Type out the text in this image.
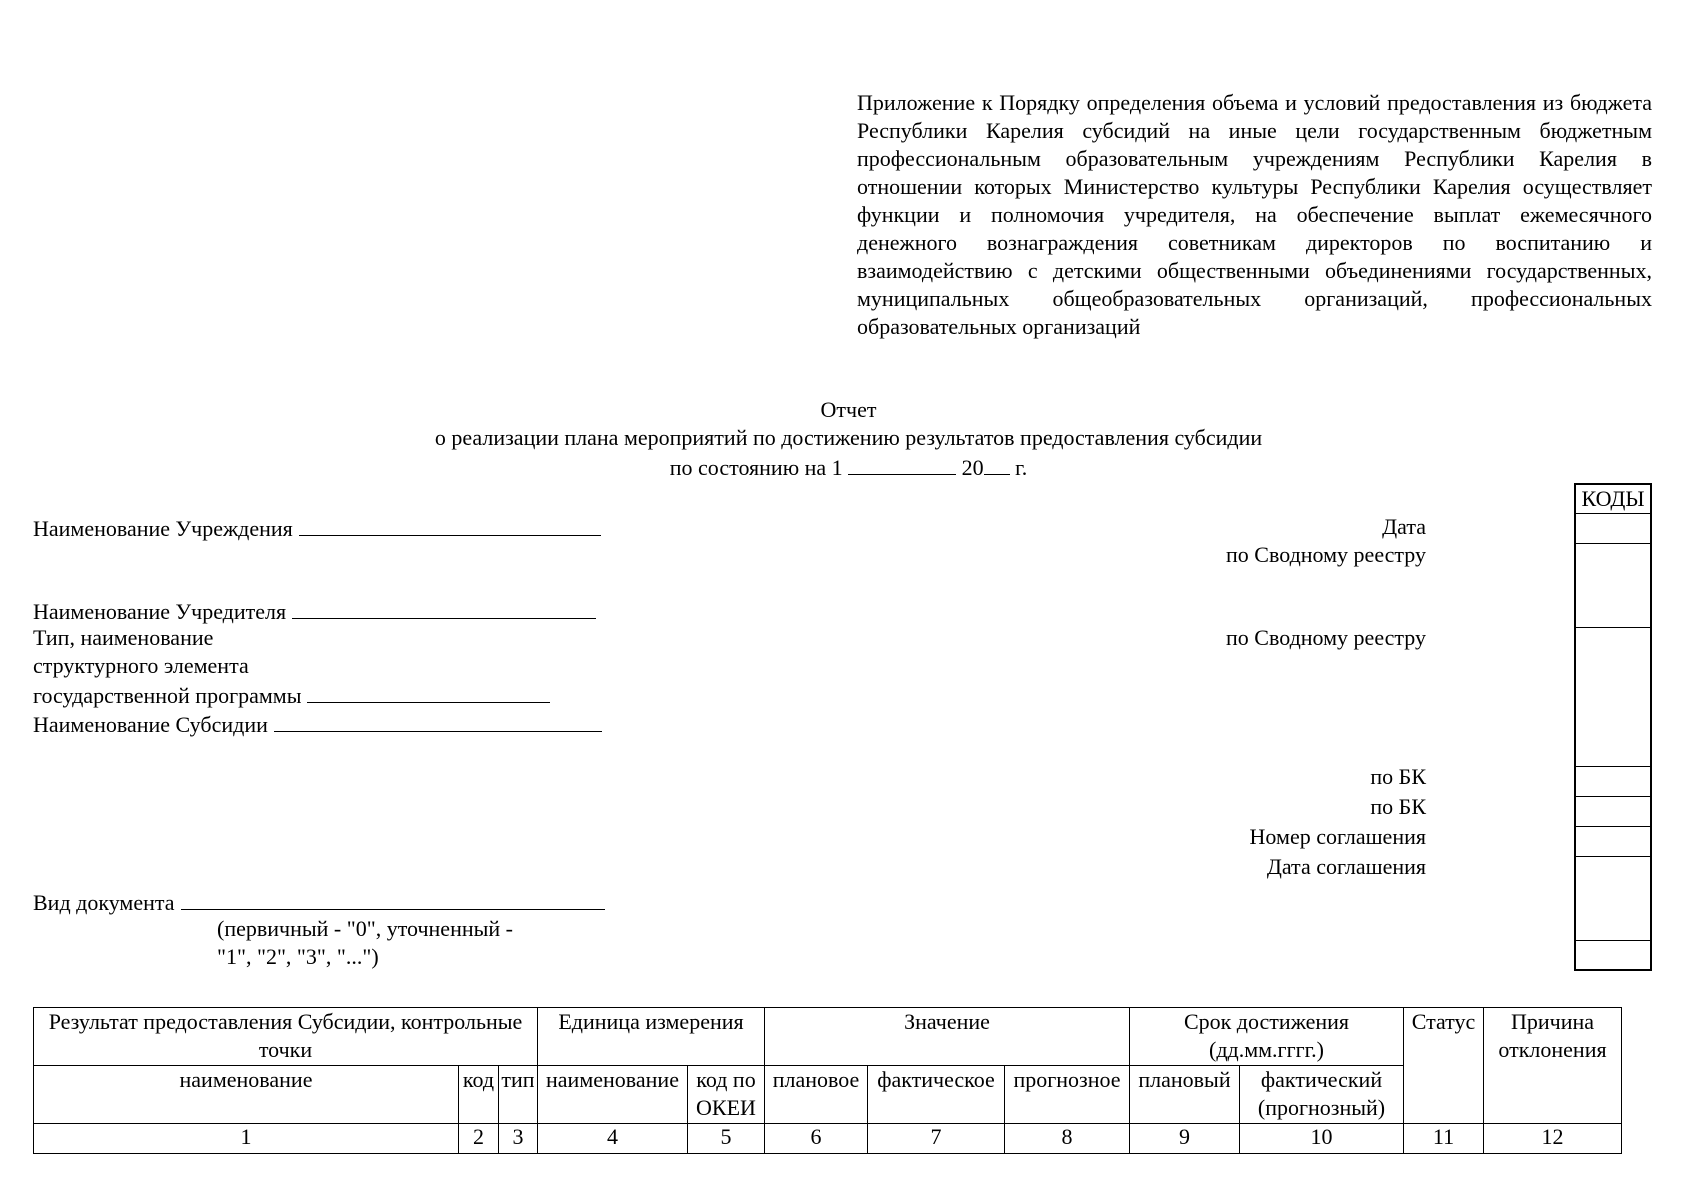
Приложение к Порядку определения объема и условий предоставления из бюджета Республики Карелия субсидий на иные цели государственным бюджетным профессиональным образовательным учреждениям Республики Карелия в отношении которых Министерство культуры Республики Карелия осуществляет функции и полномочия учредителя, на обеспечение выплат ежемесячного денежного вознаграждения советникам директоров по воспитанию и взаимодействию с детскими общественными объединениями государственных, муниципальных общеобразовательных организаций, профессиональных образовательных организаций
Отчет
о реализации плана мероприятий по достижению результатов предоставления субсидии
по состоянию на 1	20 г.
Наименование Учреждения
Наименование Учредителя
Тип, наименование
структурного элемента
государственной программы
Наименование Субсидии
Вид документа
(первичный - "0", уточненный -
"1", "2", "3", "...")
Дата
по Сводному реестру
по Сводному реестру
по БК
по БК
Номер соглашения
Дата соглашения
КОДЫ
Результат предоставления Субсидии, контрольные точки			Единица измерения		Значение			Срок достижения (дд.мм.гггг.)		Статус	Причина отклонения
наименование	код	тип	наименование	код по ОКЕИ	плановое	фактическое	прогнозное	плановый	фактический (прогнозный)		
1	2	3	4	5	6	7	8	9	10	11	12
